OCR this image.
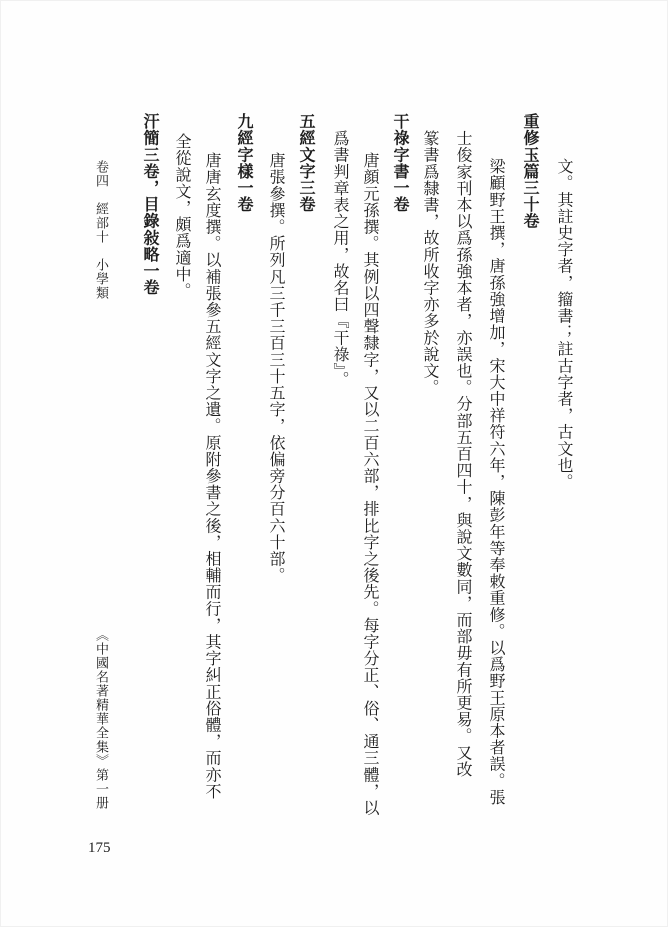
文。其註史字者，籀書；註古字者，古文也。
重修玉篇三十卷
梁顧野王撰，唐孫強增加，宋大中祥符六年，陳彭年等奉敕重修。以爲野王原本者誤。張
士俊家刊本以爲孫強本者，亦誤也。分部五百四十，與說文數同，而部毋有所更易。又改
篆書爲隸書，故所收字亦多於說文。
干祿字書一卷
唐顔元孫撰。其例以四聲隸字，又以二百六部，排比字之後先。每字分正、俗、通三體，以
爲書判章表之用，故名曰『干祿』。
五經文字三卷
唐張參撰。所列凡三千三百三十五字，依偏旁分百六十部。
九經字樣一卷
唐唐玄度撰。以補張參五經文字之遺。原附參書之後，相輔而行，其字糾正俗體，而亦不
全從說文，頗爲適中。
汗簡三卷，目錄敍略一卷
卷四　經部十　小學類
《中國名著精華全集》第一册
175
